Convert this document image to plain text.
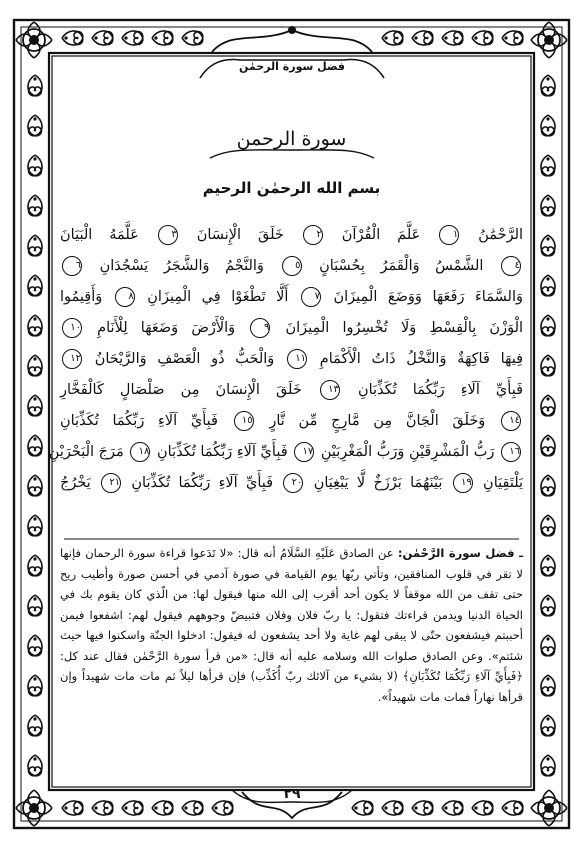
فضل سورة الرحمٰن
سورة الرحمن
بسم الله الرحمٰن الرحيم
الرَّحْمَٰنُ ١ عَلَّمَ الْقُرْآنَ ٢ خَلَقَ الْإِنسَانَ ٣ عَلَّمَهُ الْبَيَانَ
٤ الشَّمْسُ وَالْقَمَرُ بِحُسْبَانٍ ٥ وَالنَّجْمُ وَالشَّجَرُ يَسْجُدَانِ ٦
وَالسَّمَاءَ رَفَعَهَا وَوَضَعَ الْمِيزَانَ ٧ أَلَّا تَطْغَوْا فِي الْمِيزَانِ ٨ وَأَقِيمُوا
الْوَزْنَ بِالْقِسْطِ وَلَا تُخْسِرُوا الْمِيزَانَ ٩ وَالْأَرْضَ وَضَعَهَا لِلْأَنَامِ ١٠
فِيهَا فَاكِهَةٌ وَالنَّخْلُ ذَاتُ الْأَكْمَامِ ١١ وَالْحَبُّ ذُو الْعَصْفِ وَالرَّيْحَانُ ١٢
فَبِأَيِّ آلَاءِ رَبِّكُمَا تُكَذِّبَانِ ١٣ خَلَقَ الْإِنسَانَ مِن صَلْصَالٍ كَالْفَخَّارِ
١٤ وَخَلَقَ الْجَانَّ مِن مَّارِجٍ مِّن نَّارٍ ١٥ فَبِأَيِّ آلَاءِ رَبِّكُمَا تُكَذِّبَانِ
١٦ رَبُّ الْمَشْرِقَيْنِ وَرَبُّ الْمَغْرِبَيْنِ ١٧ فَبِأَيِّ آلَاءِ رَبِّكُمَا تُكَذِّبَانِ ١٨ مَرَجَ الْبَحْرَيْنِ
يَلْتَقِيَانِ ١٩ بَيْنَهُمَا بَرْزَخٌ لَّا يَبْغِيَانِ ٢٠ فَبِأَيِّ آلَاءِ رَبِّكُمَا تُكَذِّبَانِ ٢١ يَخْرُجُ
ـ فضل سورة الرَّحْمٰن: عن الصادق عَلَيْهِ السَّلَامُ أنه قال: «لا تَدَعوا قراءة سورة الرحمان فإنها لا تقر في قلوب المنافقين، وتأتي ربّها يوم القيامة في صورة آدمي في أحسن صورة وأطيب ريح حتى تقف من الله موقفاً لا يكون أحد أقرب إلى الله منها فيقول لها: من الّذي كان يقوم بك في الحياة الدنيا ويدمن قراءتك فتقول: يا ربّ فلان وفلان فتبيضّ وجوههم فيقول لهم: اشفعوا فيمن أحببتم فيشفعون حتّى لا يبقى لهم غاية ولا أحد يشفعون له فيقول: ادخلوا الجنّة واسكنوا فيها حيث شئتم». وعن الصادق صلوات الله وسلامه عليه أنه قال: «من قرأ سورة الرَّحْمٰن فقال عند كل: ﴿فَبِأَيِّ آلَاءِ رَبِّكُمَا تُكَذِّبَانِ﴾ (لا بشيء من آلائك ربّ أُكَذِّب) فإن قرأها ليلاً ثم مات مات شهيداً وإن قرأها نهاراً فمات مات شهيداً».
٢٩
